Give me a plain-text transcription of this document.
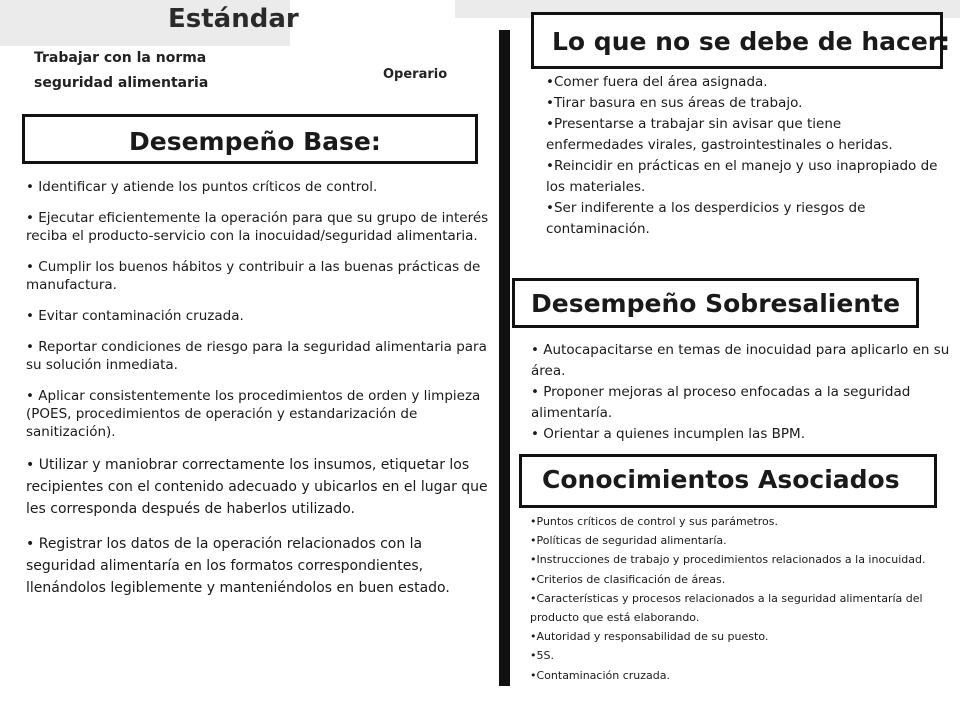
Estándar
Trabajar con la norma seguridad alimentaria
Operario
Desempeño Base:
• Identificar y atiende los puntos críticos de control.
• Ejecutar eficientemente la operación para que su grupo de interés reciba el producto-servicio con la inocuidad/seguridad alimentaria.
• Cumplir los buenos hábitos y contribuir a las buenas prácticas de manufactura.
• Evitar contaminación cruzada.
• Reportar condiciones de riesgo para la seguridad alimentaria para su solución inmediata.
• Aplicar consistentemente los procedimientos de orden y limpieza (POES, procedimientos de operación y estandarización de sanitización).
• Utilizar y maniobrar correctamente los insumos, etiquetar los recipientes con el contenido adecuado y ubicarlos en el lugar que les corresponda después de haberlos utilizado.
• Registrar los datos de la operación relacionados con la seguridad alimentaría en los formatos correspondientes, llenándolos legiblemente y manteniéndolos en buen estado.
Lo que no se debe de hacer:
•Comer fuera del área asignada.
•Tirar basura en sus áreas de trabajo.
•Presentarse a trabajar sin avisar que tiene enfermedades virales, gastrointestinales o heridas.
•Reincidir en prácticas en el manejo y uso inapropiado de los materiales.
•Ser indiferente a los desperdicios y riesgos de contaminación.
Desempeño Sobresaliente
• Autocapacitarse en temas de inocuidad para aplicarlo en su área.
• Proponer mejoras al proceso enfocadas a la seguridad alimentaría.
• Orientar a quienes incumplen las BPM.
Conocimientos Asociados
•Puntos críticos de control y sus parámetros.
•Políticas de seguridad alimentaría.
•Instrucciones de trabajo y procedimientos relacionados a la inocuidad.
•Criterios de clasificación de áreas.
•Características y procesos relacionados a la seguridad alimentaría del producto que está elaborando.
•Autoridad y responsabilidad de su puesto.
•5S.
•Contaminación cruzada.
